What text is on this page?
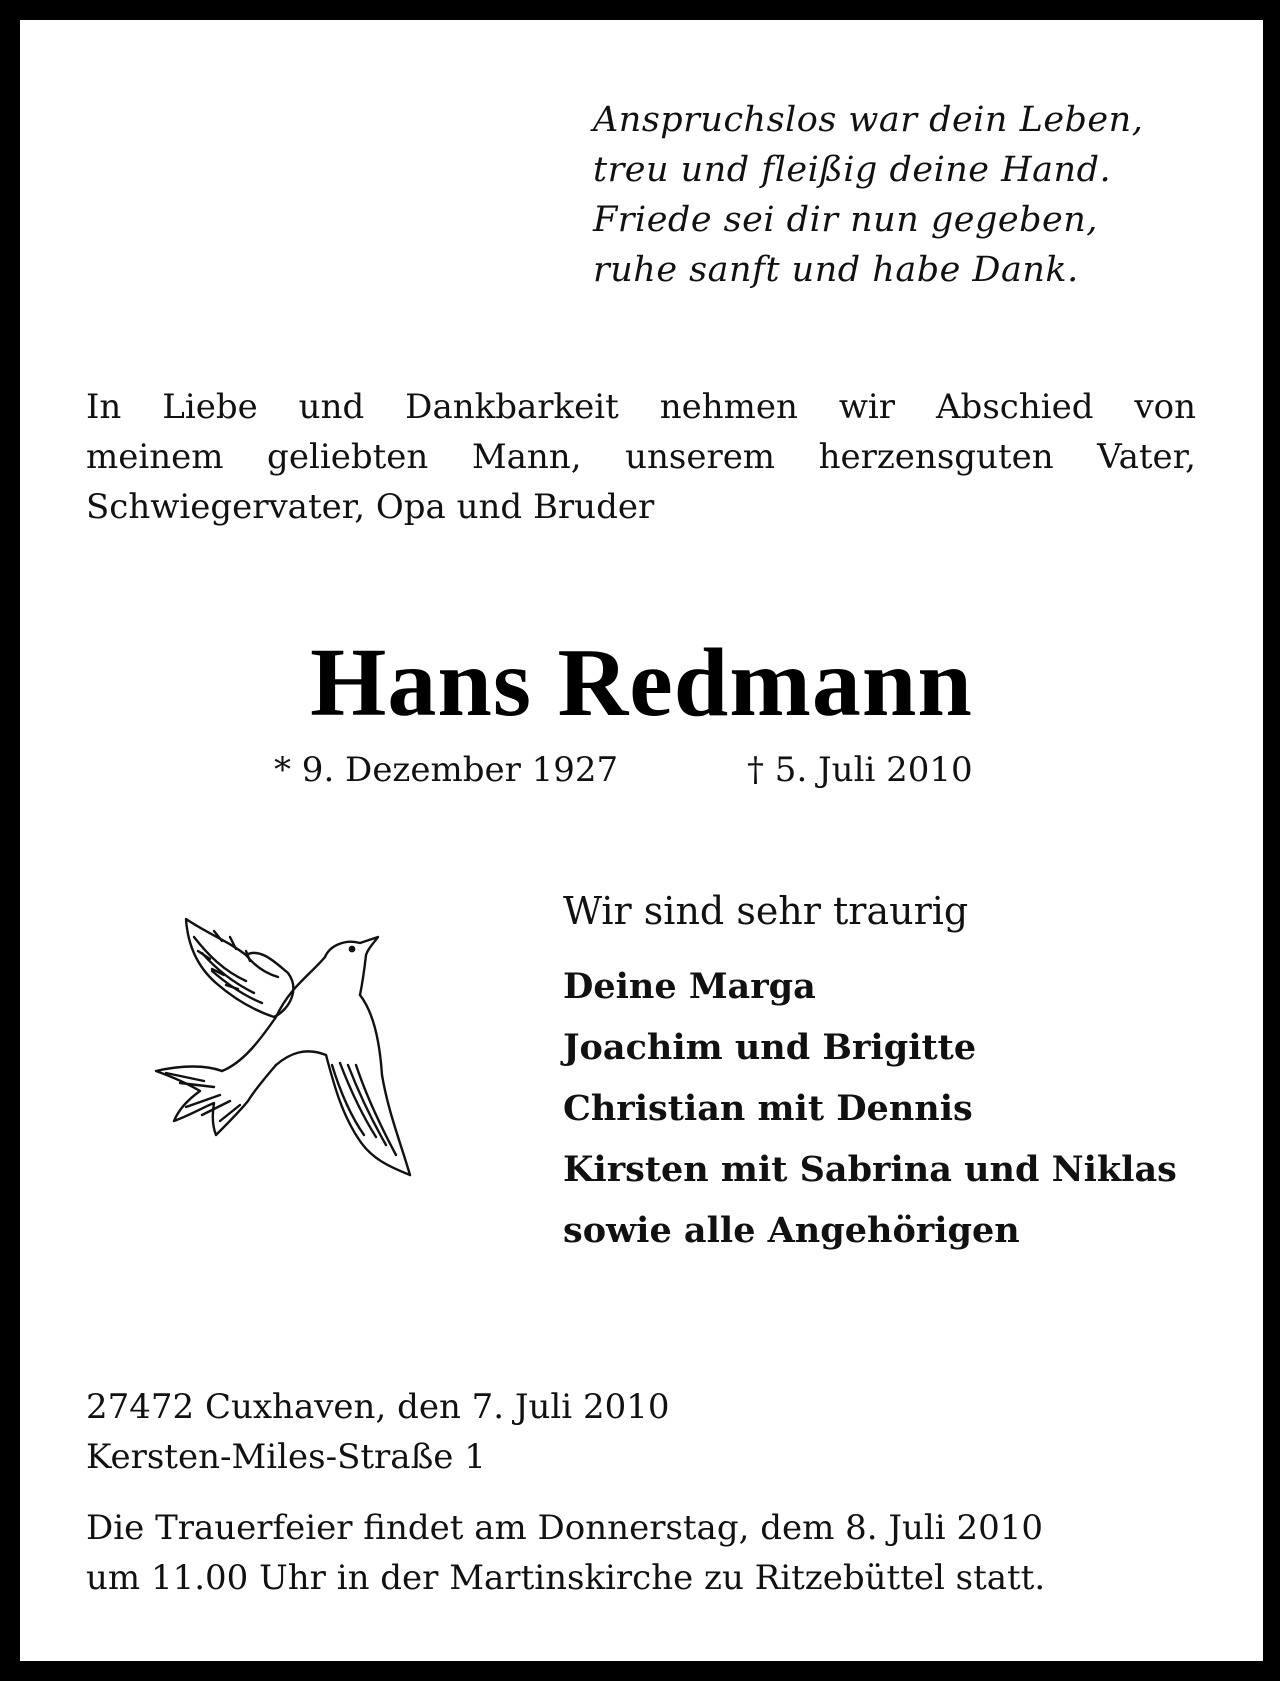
Anspruchslos war dein Leben,
treu und fleißig deine Hand.
Friede sei dir nun gegeben,
ruhe sanft und habe Dank.
In Liebe und Dankbarkeit nehmen wir Abschied von
meinem geliebten Mann, unserem herzensguten Vater,
Schwiegervater, Opa und Bruder
Hans Redmann
* 9. Dezember 1927	† 5. Juli 2010
Wir sind sehr traurig
Deine Marga
Joachim und Brigitte
Christian mit Dennis
Kirsten mit Sabrina und Niklas
sowie alle Angehörigen
27472 Cuxhaven, den 7. Juli 2010
Kersten-Miles-Straße 1
Die Trauerfeier findet am Donnerstag, dem 8. Juli 2010
um 11.00 Uhr in der Martinskirche zu Ritzebüttel statt.
